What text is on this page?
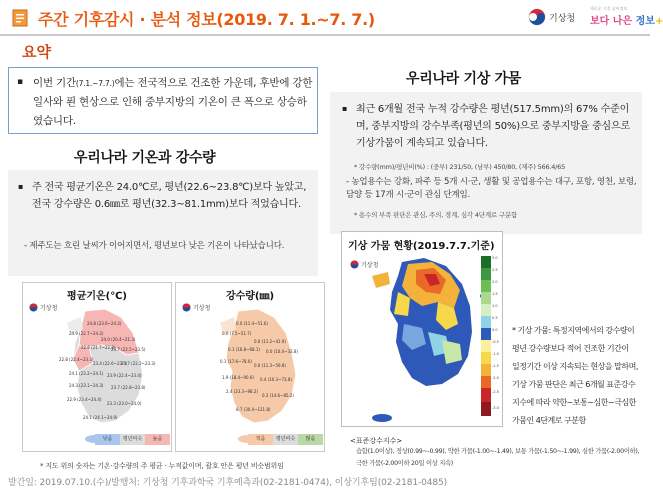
주간 기후감시 · 분석 정보(2019. 7. 1.~7. 7.)	기상청
새로운 기후 날씨정보
보다 나은 정보+
요약
▪ 이번 기간(7.1.~7.7.)에는 전국적으로 건조한 가운데, 후반에 강한 일사와 푄 현상으로 인해 중부지방의 기온이 큰 폭으로 상승하였습니다.
우리나라 기온과 강수량
▪ 주 전국 평균기온은 24.0℃로, 평년(22.6~23.8℃)보다 높았고, 전국 강수량은 0.6㎜로 평년(32.3~81.1mm)보다 적었습니다.
- 제주도는 흐린 날씨가 이어지면서, 평년보다 낮은 기온이 나타났습니다.
평균기온(℃)
기상청
24.8 (23.6~24.2)
24.9 (22.7~24.2)
24.0 (20.4~21.3)
22.6 (21.7~22.8)
24.7 (22.5~23.5)
22.8 (22.4~23.3)
23.4 (22.6~23.5)
23.7 (22.2~23.3)
24.1 (23.2~24.1) 23.9 (22.4~23.4)
24.3 (23.1~24.3) 23.7 (22.8~23.8)
22.9 (23.4~24.4)
23.3 (23.0~24.0)
24.1 (24.1~24.9)
낮음	평년비슷	높음
강수량(㎜)
기상청
0.0 (11.4~51.6)
0.0 (7.5~51.7)
0.0 (11.2~41.9)
0.1 (16.8~68.1) 0.0 (10.4~33.8)
0.1 (17.6~78.6)
0.0 (11.3~59.8)
1.9 (18.4~90.6) 0.4 (10.3~73.8)
2.4 (23.3~98.2)
0.2 (14.6~85.2)
8.7 (30.4~121.8)
적음	평년비슷	많음
* 지도 위의 숫자는 기온·강수량의 주 평균 · 누적값이며, 괄호 안은 평년 비슷범위임
발간일: 2019.07.10.(수)/발행처: 기상청 기후과학국 기후예측과(02-2181-0474), 이상기후팀(02-2181-0485)
우리나라 기상 가뭄
▪ 최근 6개월 전국 누적 강수량은 평년(517.5mm)의 67% 수준이며, 중부지방의 강수부족(평년의 50%)으로 중부지방을 중심으로 기상가뭄이 계속되고 있습니다.
* 강수량(mm)/평년비(%) : (중부) 231/50, (남부) 450/80, (제주) 566.4/65
- 농업용수는 강화, 파주 등 5개 시·군, 생활 및 공업용수는 대구, 포항, 영천, 보령, 담양 등 17개 시·군이 관심 단계임.
* 용수의 부족 판단은 관심, 주의, 경계, 심각 4단계로 구분함
기상 가뭄 현황(2019.7.7.기준)
기상청
3.0
2.5
2.0
1.5
1.0
0.5
0.0
-0.5
-1.0
-1.5
-2.0
-2.5
-3.0
* 기상 가뭄: 특정지역에서의 강수량이
평년 강수량보다 적어 건조한 기간이
일정기간 이상 지속되는 현상을 말하며,
기상 가뭄 판단은 최근 6개월 표준강수
지수에 따라 약한~보통~심한~극심한
가뭄인 4단계로 구분함
<표준강수지수>
습함(1.0이상), 정상(0.99~-0.99), 약한 가뭄(-1.00~-1.49), 보통 가뭄(-1.50~-1.99), 심한 가뭄(-2.00이하), 극한 가뭄(-2.00이하 20일 이상 지속)
